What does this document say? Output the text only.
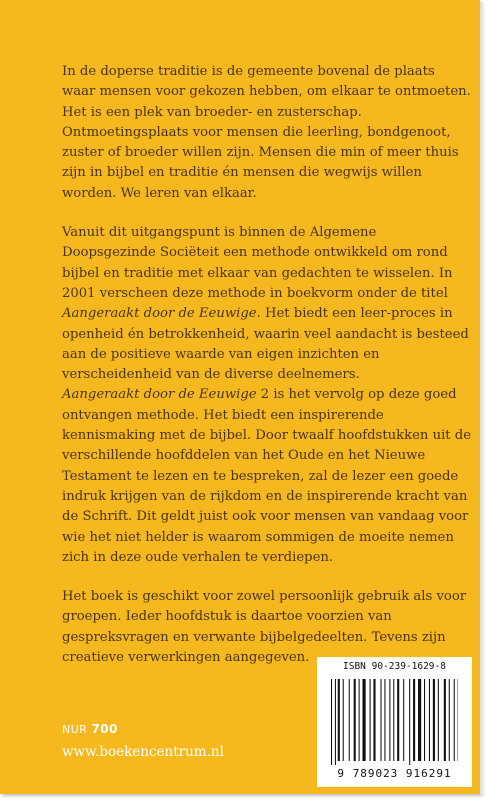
In de doperse traditie is de gemeente bovenal de plaats waar mensen voor gekozen hebben, om elkaar te ontmoeten. Het is een plek van broeder- en zusterschap. Ontmoetingsplaats voor mensen die leerling, bondgenoot, zuster of broeder willen zijn. Mensen die min of meer thuis zijn in bijbel en traditie én mensen die wegwijs willen worden. We leren van elkaar.

Vanuit dit uitgangspunt is binnen de Algemene Doopsgezinde Sociëteit een methode ontwikkeld om rond bijbel en traditie met elkaar van gedachten te wisselen. In 2001 verscheen deze methode in boekvorm onder de titel Aangeraakt door de Eeuwige. Het biedt een leer-proces in openheid én betrokkenheid, waarin veel aandacht is besteed aan de positieve waarde van eigen inzichten en verscheidenheid van de diverse deelnemers.

Aangeraakt door de Eeuwige 2 is het vervolg op deze goed ontvangen methode. Het biedt een inspirerende kennismaking met de bijbel. Door twaalf hoofdstukken uit de verschillende hoofddelen van het Oude en het Nieuwe Testament te lezen en te bespreken, zal de lezer een goede indruk krijgen van de rijkdom en de inspirerende kracht van de Schrift. Dit geldt juist ook voor mensen van vandaag voor wie het niet helder is waarom sommigen de moeite nemen zich in deze oude verhalen te verdiepen.

Het boek is geschikt voor zowel persoonlijk gebruik als voor groepen. Ieder hoofdstuk is daartoe voorzien van gespreksvragen en verwante bijbelgedeelten. Tevens zijn creatieve verwerkingen aangegeven.

NUR 700
www.boekencentrum.nl
ISBN 90-239-1629-8
9 789023 916291
